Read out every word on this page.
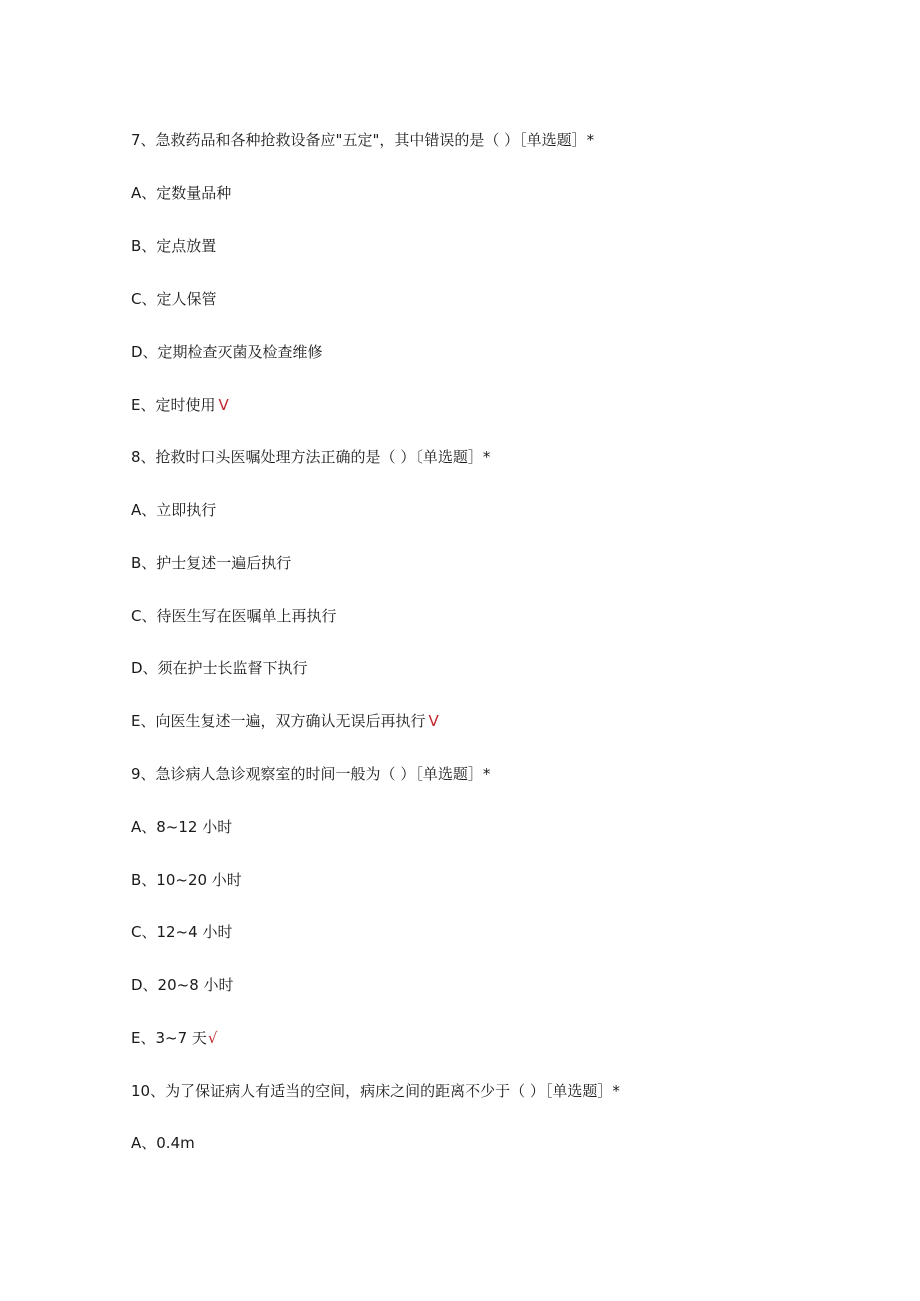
7、急救药品和各种抢救设备应"五定"，其中错误的是（ ）［单选题］*
A、定数量品种
B、定点放置
C、定人保管
D、定期检查灭菌及检查维修
E、定时使用 V
8、抢救时口头医嘱处理方法正确的是（ ）〔单选题］*
A、立即执行
B、护士复述一遍后执行
C、待医生写在医嘱单上再执行
D、须在护士长监督下执行
E、向医生复述一遍，双方确认无误后再执行 V
9、急诊病人急诊观察室的时间一般为（ ）［单选题］*
A、8~12 小时
B、10~20 小时
C、12~4 小时
D、20~8 小时
E、3~7 天√
10、为了保证病人有适当的空间，病床之间的距离不少于（ ）［单选题］*
A、0.4m
